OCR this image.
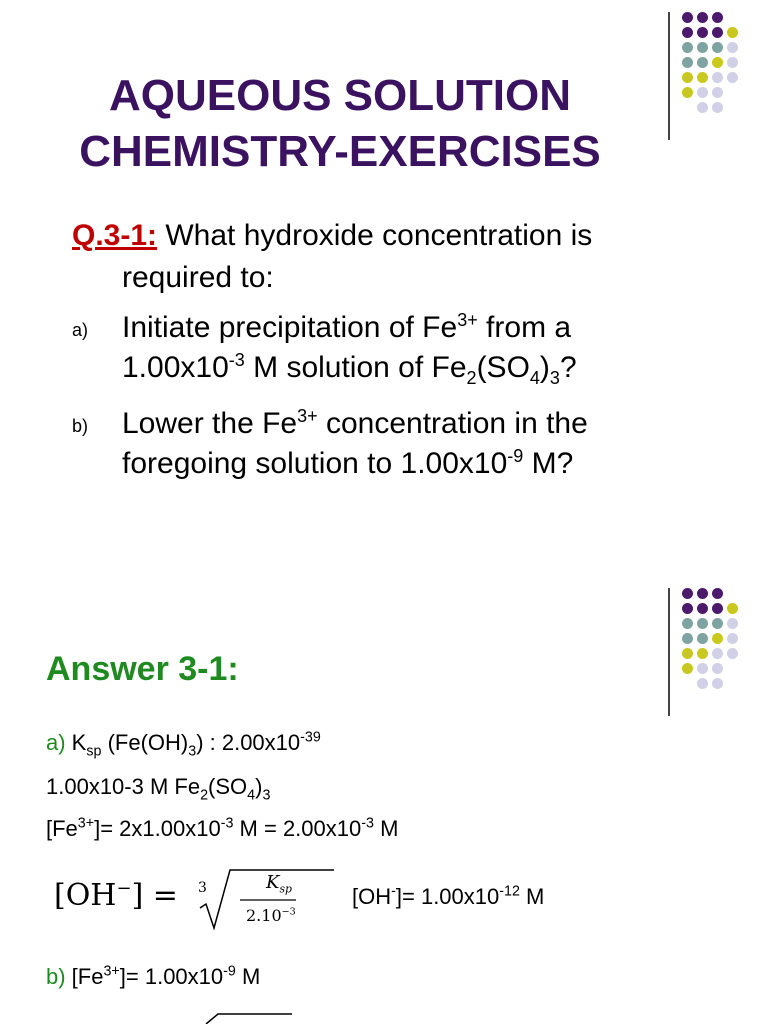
AQUEOUS SOLUTION
CHEMISTRY-EXERCISES
Q.3-1: What hydroxide concentration is
required to:
a) Initiate precipitation of $Fe^{3+}$ from a
$1.00x10^{-3}$ M solution of $Fe_2(SO_4)_3$?
b) Lower the $Fe^{3+}$ concentration in the
foregoing solution to $1.00x10^{-9}$ M?
Answer 3-1:
a) $K_{sp}$ $(Fe(OH)_3)$ : $2.00x10^{-39}$
1.00x10-3 M $Fe_2(SO_4)_3$
$[Fe^{3+}]= 2x1.00x10^{-3}$ $M = 2.00x10^{-3}$ M
[OH−] = 3	$K_{sp}$
$2.10^{-3}$
$[OH^-]= 1.00x10^{-12}$ M
b) $[Fe^{3+}]= 1.00x10^{-9}$ M
